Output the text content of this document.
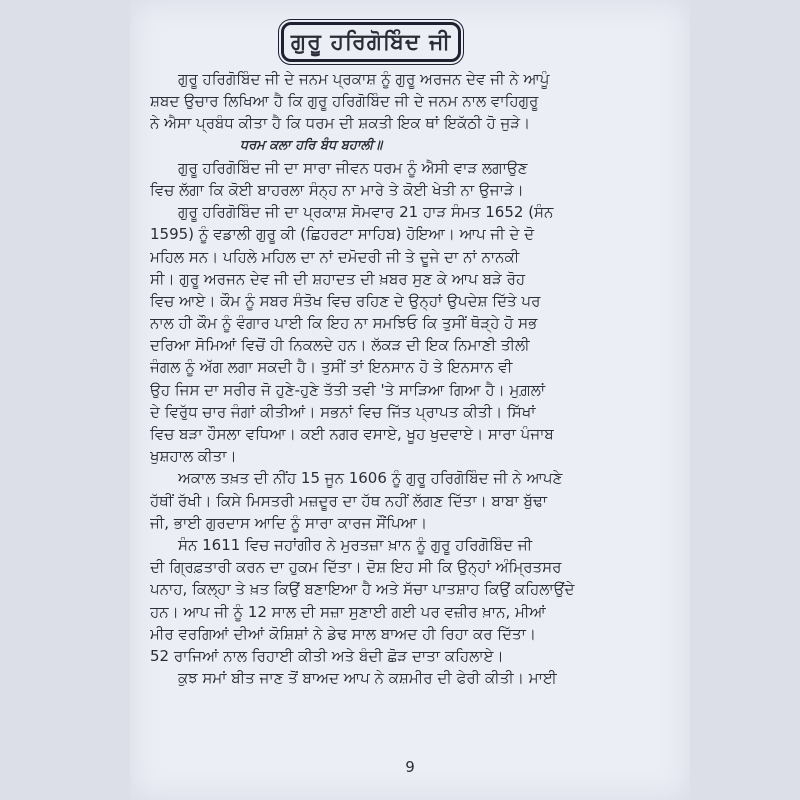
ਗੁਰੂ ਹਰਿਗੋਬਿੰਦ ਜੀ
ਗੁਰੂ ਹਰਿਗੋਬਿੰਦ ਜੀ ਦੇ ਜਨਮ ਪ੍ਰਕਾਸ਼ ਨੂੰ ਗੁਰੂ ਅਰਜਨ ਦੇਵ ਜੀ ਨੇ ਆਪੂੰ
ਸ਼ਬਦ ਉਚਾਰ ਲਿਖਿਆ ਹੈ ਕਿ ਗੁਰੂ ਹਰਿਗੋਬਿੰਦ ਜੀ ਦੇ ਜਨਮ ਨਾਲ ਵਾਹਿਗੁਰੂ
ਨੇ ਐਸਾ ਪ੍ਰਬੰਧ ਕੀਤਾ ਹੈ ਕਿ ਧਰਮ ਦੀ ਸ਼ਕਤੀ ਇਕ ਥਾਂ ਇਕੱਠੀ ਹੋ ਜੁੜੇ।
ਧਰਮ ਕਲਾ ਹਰਿ ਬੰਧ ਬਹਾਲੀ॥
ਗੁਰੂ ਹਰਿਗੋਬਿੰਦ ਜੀ ਦਾ ਸਾਰਾ ਜੀਵਨ ਧਰਮ ਨੂੰ ਐਸੀ ਵਾੜ ਲਗਾਉਣ
ਵਿਚ ਲੱਗਾ ਕਿ ਕੋਈ ਬਾਹਰਲਾ ਸੰਨ੍ਹ ਨਾ ਮਾਰੇ ਤੇ ਕੋਈ ਖੇਤੀ ਨਾ ਉਜਾੜੇ।
ਗੁਰੂ ਹਰਿਗੋਬਿੰਦ ਜੀ ਦਾ ਪ੍ਰਕਾਸ਼ ਸੋਮਵਾਰ 21 ਹਾੜ ਸੰਮਤ 1652 (ਸੰਨ
1595) ਨੂੰ ਵਡਾਲੀ ਗੁਰੂ ਕੀ (ਛਿਹਰਟਾ ਸਾਹਿਬ) ਹੋਇਆ। ਆਪ ਜੀ ਦੇ ਦੋ
ਮਹਿਲ ਸਨ। ਪਹਿਲੇ ਮਹਿਲ ਦਾ ਨਾਂ ਦਮੋਦਰੀ ਜੀ ਤੇ ਦੂਜੇ ਦਾ ਨਾਂ ਨਾਨਕੀ
ਸੀ। ਗੁਰੂ ਅਰਜਨ ਦੇਵ ਜੀ ਦੀ ਸ਼ਹਾਦਤ ਦੀ ਖ਼ਬਰ ਸੁਣ ਕੇ ਆਪ ਬੜੇ ਰੋਹ
ਵਿਚ ਆਏ। ਕੌਮ ਨੂੰ ਸਬਰ ਸੰਤੋਖ ਵਿਚ ਰਹਿਣ ਦੇ ਉਨ੍ਹਾਂ ਉਪਦੇਸ਼ ਦਿੱਤੇ ਪਰ
ਨਾਲ ਹੀ ਕੌਮ ਨੂੰ ਵੰਗਾਰ ਪਾਈ ਕਿ ਇਹ ਨਾ ਸਮਝਿਓ ਕਿ ਤੁਸੀਂ ਥੋੜ੍ਹੇ ਹੋ ਸਭ
ਦਰਿਆ ਸੋਮਿਆਂ ਵਿਚੋਂ ਹੀ ਨਿਕਲਦੇ ਹਨ। ਲੱਕੜ ਦੀ ਇਕ ਨਿਮਾਣੀ ਤੀਲੀ
ਜੰਗਲ ਨੂੰ ਅੱਗ ਲਗਾ ਸਕਦੀ ਹੈ। ਤੁਸੀਂ ਤਾਂ ਇਨਸਾਨ ਹੋ ਤੇ ਇਨਸਾਨ ਵੀ
ਉਹ ਜਿਸ ਦਾ ਸਰੀਰ ਜੋ ਹੁਣੇ-ਹੁਣੇ ਤੱਤੀ ਤਵੀ 'ਤੇ ਸਾੜਿਆ ਗਿਆ ਹੈ। ਮੁਗ਼ਲਾਂ
ਦੇ ਵਿਰੁੱਧ ਚਾਰ ਜੰਗਾਂ ਕੀਤੀਆਂ। ਸਭਨਾਂ ਵਿਚ ਜਿੱਤ ਪ੍ਰਾਪਤ ਕੀਤੀ। ਸਿੱਖਾਂ
ਵਿਚ ਬੜਾ ਹੌਸਲਾ ਵਧਿਆ। ਕਈ ਨਗਰ ਵਸਾਏ, ਖੂਹ ਖੁਦਵਾਏ। ਸਾਰਾ ਪੰਜਾਬ
ਖੁਸ਼ਹਾਲ ਕੀਤਾ।
ਅਕਾਲ ਤਖ਼ਤ ਦੀ ਨੀਂਹ 15 ਜੂਨ 1606 ਨੂੰ ਗੁਰੂ ਹਰਿਗੋਬਿੰਦ ਜੀ ਨੇ ਆਪਣੇ
ਹੱਥੀਂ ਰੱਖੀ। ਕਿਸੇ ਮਿਸਤਰੀ ਮਜ਼ਦੂਰ ਦਾ ਹੱਥ ਨਹੀਂ ਲੱਗਣ ਦਿੱਤਾ। ਬਾਬਾ ਬੁੱਢਾ
ਜੀ, ਭਾਈ ਗੁਰਦਾਸ ਆਦਿ ਨੂੰ ਸਾਰਾ ਕਾਰਜ ਸੌਂਪਿਆ।
ਸੰਨ 1611 ਵਿਚ ਜਹਾਂਗੀਰ ਨੇ ਮੁਰਤਜ਼ਾ ਖ਼ਾਨ ਨੂੰ ਗੁਰੂ ਹਰਿਗੋਬਿੰਦ ਜੀ
ਦੀ ਗ੍ਰਿਫ਼ਤਾਰੀ ਕਰਨ ਦਾ ਹੁਕਮ ਦਿੱਤਾ। ਦੋਸ਼ ਇਹ ਸੀ ਕਿ ਉਨ੍ਹਾਂ ਅੰਮ੍ਰਿਤਸਰ
ਪਨਾਹ, ਕਿਲ੍ਹਾ ਤੇ ਖ਼ਤ ਕਿਉਂ ਬਣਾਇਆ ਹੈ ਅਤੇ ਸੱਚਾ ਪਾਤਸ਼ਾਹ ਕਿਉਂ ਕਹਿਲਾਉਂਦੇ
ਹਨ। ਆਪ ਜੀ ਨੂੰ 12 ਸਾਲ ਦੀ ਸਜ਼ਾ ਸੁਣਾਈ ਗਈ ਪਰ ਵਜ਼ੀਰ ਖ਼ਾਨ, ਮੀਆਂ
ਮੀਰ ਵਰਗਿਆਂ ਦੀਆਂ ਕੋਸ਼ਿਸ਼ਾਂ ਨੇ ਡੇਢ ਸਾਲ ਬਾਅਦ ਹੀ ਰਿਹਾ ਕਰ ਦਿੱਤਾ।
52 ਰਾਜਿਆਂ ਨਾਲ ਰਿਹਾਈ ਕੀਤੀ ਅਤੇ ਬੰਦੀ ਛੋੜ ਦਾਤਾ ਕਹਿਲਾਏ।
ਕੁਝ ਸਮਾਂ ਬੀਤ ਜਾਣ ਤੋਂ ਬਾਅਦ ਆਪ ਨੇ ਕਸ਼ਮੀਰ ਦੀ ਫੇਰੀ ਕੀਤੀ। ਮਾਈ
9
